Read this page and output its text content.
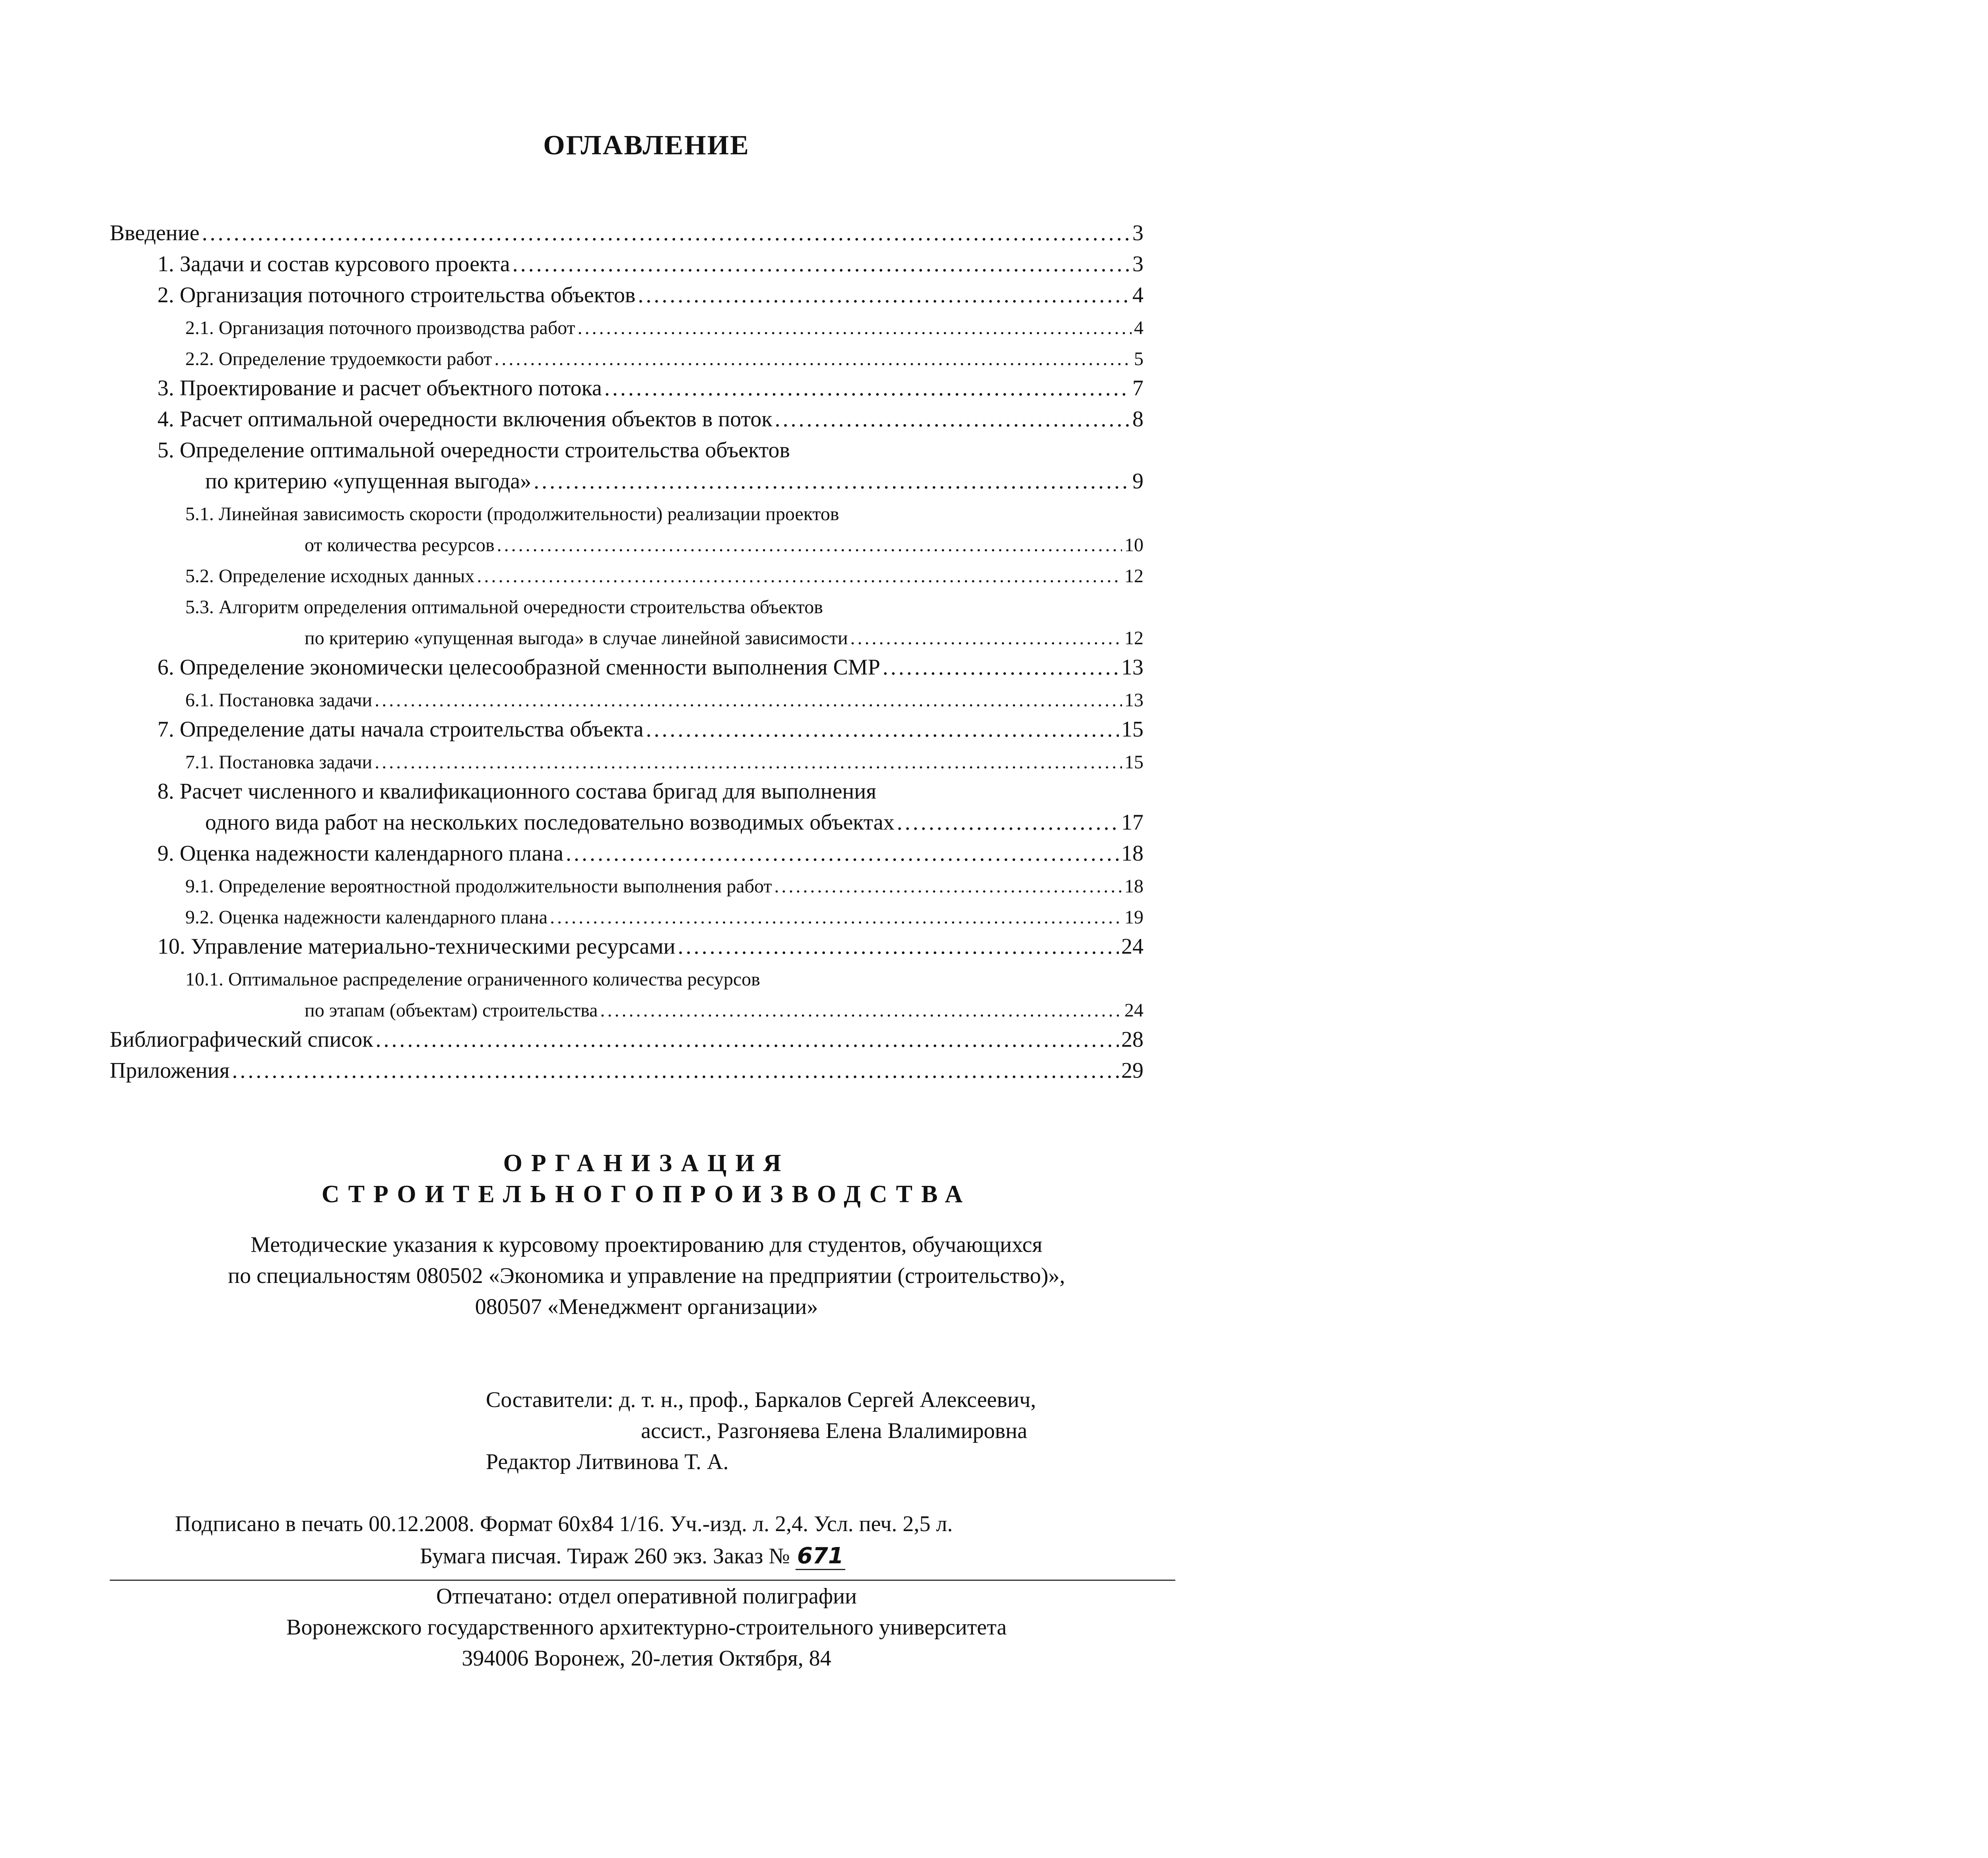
ОГЛАВЛЕНИЕ
Введение .....	3
1. Задачи и состав курсового проекта .....	3
2. Организация поточного строительства объектов .....	4
2.1. Организация поточного производства работ .....	4
2.2. Определение трудоемкости работ .....	5
3. Проектирование и расчет объектного потока .....	7
4. Расчет оптимальной очередности включения объектов в поток .....	8
5. Определение оптимальной очередности строительства объектов
по критерию «упущенная выгода» .....	9
5.1. Линейная зависимость скорости (продолжительности) реализации проектов
от количества ресурсов .....	10
5.2. Определение исходных данных .....	12
5.3. Алгоритм определения оптимальной очередности строительства объектов
по критерию «упущенная выгода» в случае линейной зависимости .....	12
6. Определение экономически целесообразной сменности выполнения СМР .....	13
6.1. Постановка задачи .....	13
7. Определение даты начала строительства объекта .....	15
7.1. Постановка задачи .....	15
8. Расчет численного и квалификационного состава бригад для выполнения
одного вида работ на нескольких последовательно возводимых объектах .....	17
9. Оценка надежности календарного плана .....	18
9.1. Определение вероятностной продолжительности выполнения работ .....	18
9.2. Оценка надежности календарного плана .....	19
10. Управление материально-техническими ресурсами .....	24
10.1. Оптимальное распределение ограниченного количества ресурсов
по этапам (объектам) строительства .....	24
Библиографический список .....	28
Приложения .....	29
ОРГАНИЗАЦИЯ
СТРОИТЕЛЬНОГОПРОИЗВОДСТВА
Методические указания к курсовому проектированию для студентов, обучающихся
по специальностям 080502 «Экономика и управление на предприятии (строительство)»,
080507 «Менеджмент организации»
Составители: д. т. н., проф., Баркалов Сергей Алексеевич,
ассист., Разгоняева Елена Влалимировна
Редактор Литвинова Т. А.
Подписано в печать 00.12.2008. Формат 60x84 1/16. Уч.-изд. л. 2,4. Усл. печ. 2,5 л.
Бумага писчая. Тираж 260 экз. Заказ № 671
Отпечатано: отдел оперативной полиграфии
Воронежского государственного архитектурно-строительного университета
394006 Воронеж, 20-летия Октября, 84
